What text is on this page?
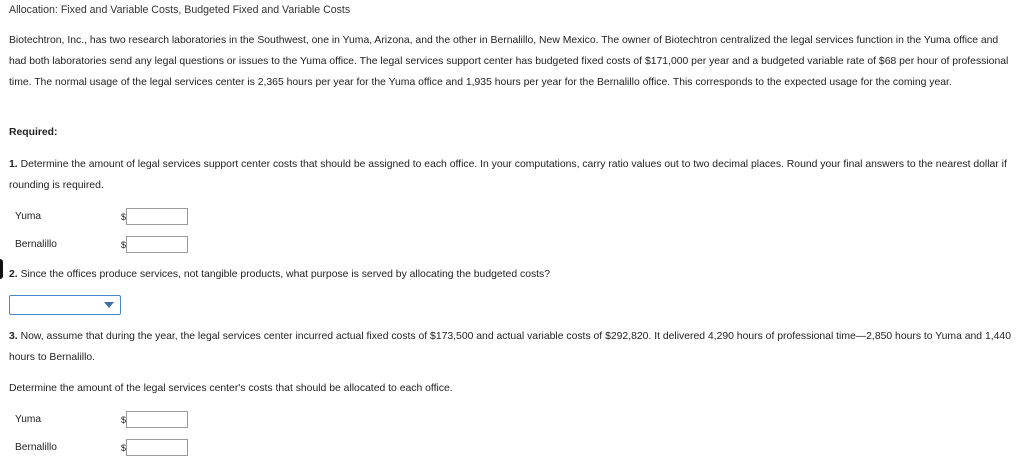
Allocation: Fixed and Variable Costs, Budgeted Fixed and Variable Costs
Biotechtron, Inc., has two research laboratories in the Southwest, one in Yuma, Arizona, and the other in Bernalillo, New Mexico. The owner of Biotechtron centralized the legal services function in the Yuma office and had both laboratories send any legal questions or issues to the Yuma office. The legal services support center has budgeted fixed costs of $171,000 per year and a budgeted variable rate of $68 per hour of professional time. The normal usage of the legal services center is 2,365 hours per year for the Yuma office and 1,935 hours per year for the Bernalillo office. This corresponds to the expected usage for the coming year.
Required:
1. Determine the amount of legal services support center costs that should be assigned to each office. In your computations, carry ratio values out to two decimal places. Round your final answers to the nearest dollar if rounding is required.
Yuma	$
Bernalillo	$
2. Since the offices produce services, not tangible products, what purpose is served by allocating the budgeted costs?
3. Now, assume that during the year, the legal services center incurred actual fixed costs of $173,500 and actual variable costs of $292,820. It delivered 4,290 hours of professional time—2,850 hours to Yuma and 1,440 hours to Bernalillo.
Determine the amount of the legal services center's costs that should be allocated to each office.
Yuma	$
Bernalillo	$
